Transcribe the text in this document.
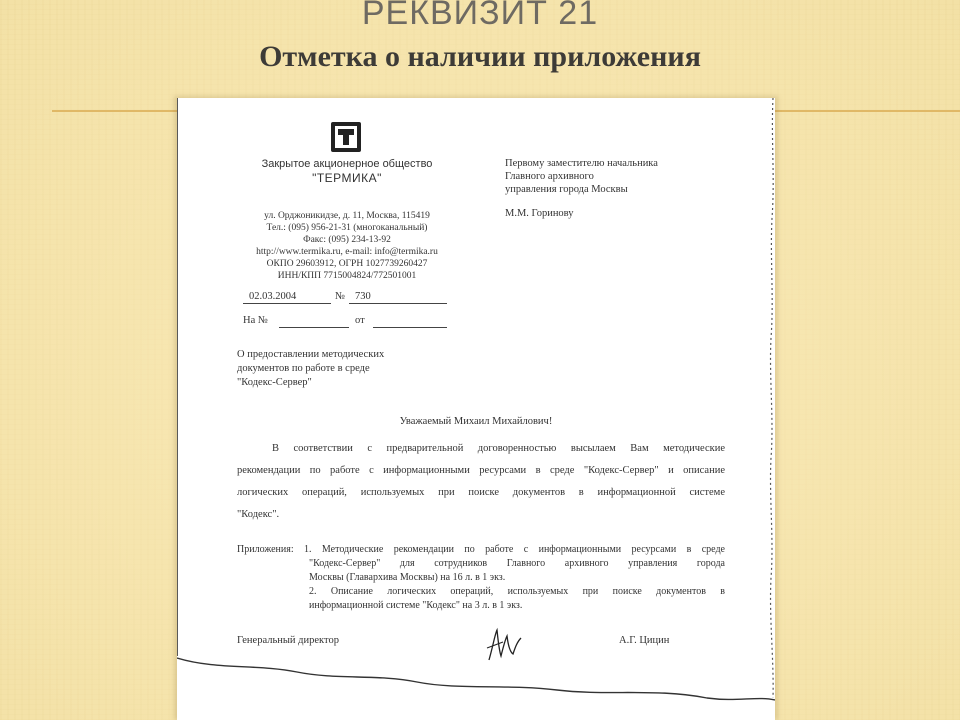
РЕКВИЗИТ 21
Отметка о наличии приложения
Закрытое акционерное общество
"ТЕРМИКА"
ул. Орджоникидзе, д. 11, Москва, 115419
Тел.: (095) 956-21-31 (многоканальный)
Факс: (095) 234-13-92
http://www.termika.ru, e-mail: info@termika.ru
ОКПО 29603912, ОГРН 1027739260427
ИНН/КПП 7715004824/772501001
02.03.2004	№ 730
На №	от
Первому заместителю начальника
Главного архивного
управления города Москвы
М.М. Горинову
О предоставлении методических
документов по работе в среде
"Кодекс-Сервер"
Уважаемый Михаил Михайлович!
В соответствии с предварительной договоренностью высылаем Вам методические
рекомендации по работе с информационными ресурсами в среде "Кодекс-Сервер" и описание
логических операций, используемых при поиске документов в информационной системе
"Кодекс".
Приложения: 1. Методические рекомендации по работе с информационными ресурсами в среде
"Кодекс-Сервер" для сотрудников Главного архивного управления города
Москвы (Главархива Москвы) на 16 л. в 1 экз.
2. Описание логических операций, используемых при поиске документов в
информационной системе "Кодекс" на 3 л. в 1 экз.
Генеральный директор	А.Г. Цицин
